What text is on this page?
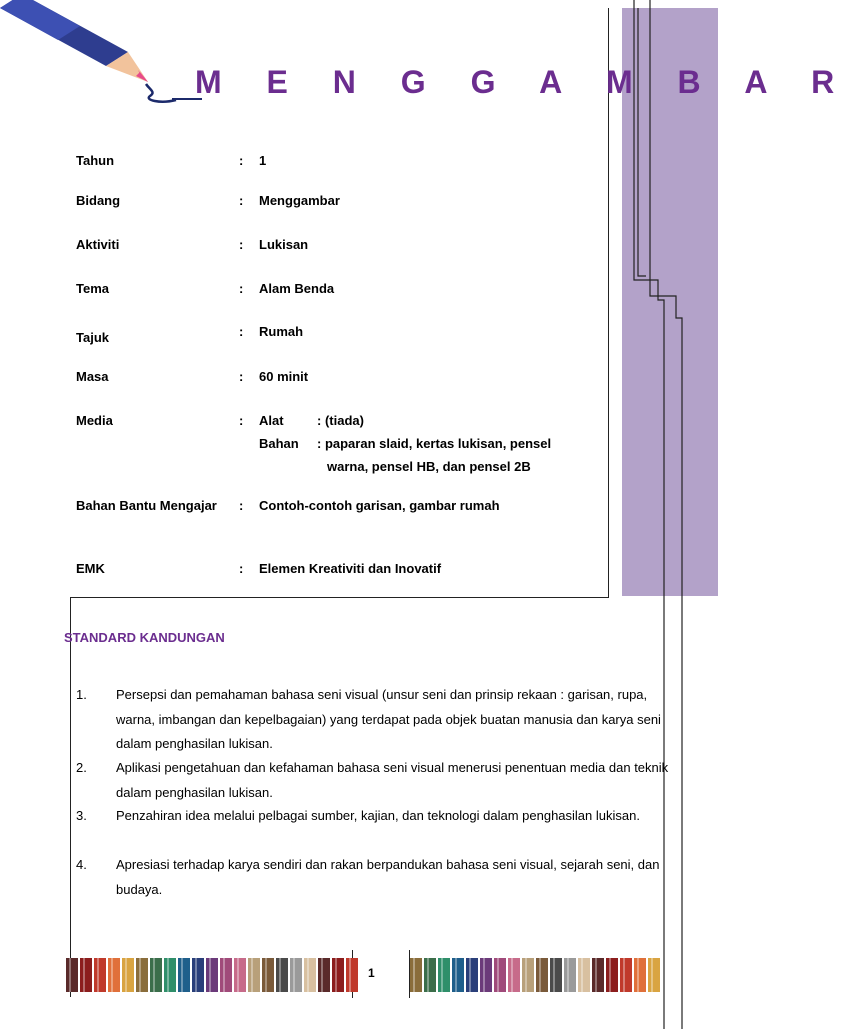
M E N G G A M B A R
Tahun	: 1
Bidang	: Menggambar
Aktiviti	: Lukisan
Tema	: Alam Benda
Tajuk	: Rumah
Masa	: 60 minit
Media	: Alat	: (tiada)
Bahan : paparan slaid, kertas lukisan, pensel
warna, pensel HB, dan pensel 2B
Bahan Bantu Mengajar : Contoh-contoh garisan, gambar rumah
EMK	: Elemen Kreativiti dan Inovatif
STANDARD KANDUNGAN
1. Persepsi dan pemahaman bahasa seni visual (unsur seni dan prinsip rekaan : garisan, rupa, warna, imbangan dan kepelbagaian) yang terdapat pada objek buatan manusia dan karya seni dalam penghasilan lukisan.
2. Aplikasi pengetahuan dan kefahaman bahasa seni visual menerusi penentuan media dan teknik dalam penghasilan lukisan.
3. Penzahiran idea melalui pelbagai sumber, kajian, dan teknologi dalam penghasilan lukisan.
4. Apresiasi terhadap karya sendiri dan rakan berpandukan bahasa seni visual, sejarah seni, dan budaya.
1
